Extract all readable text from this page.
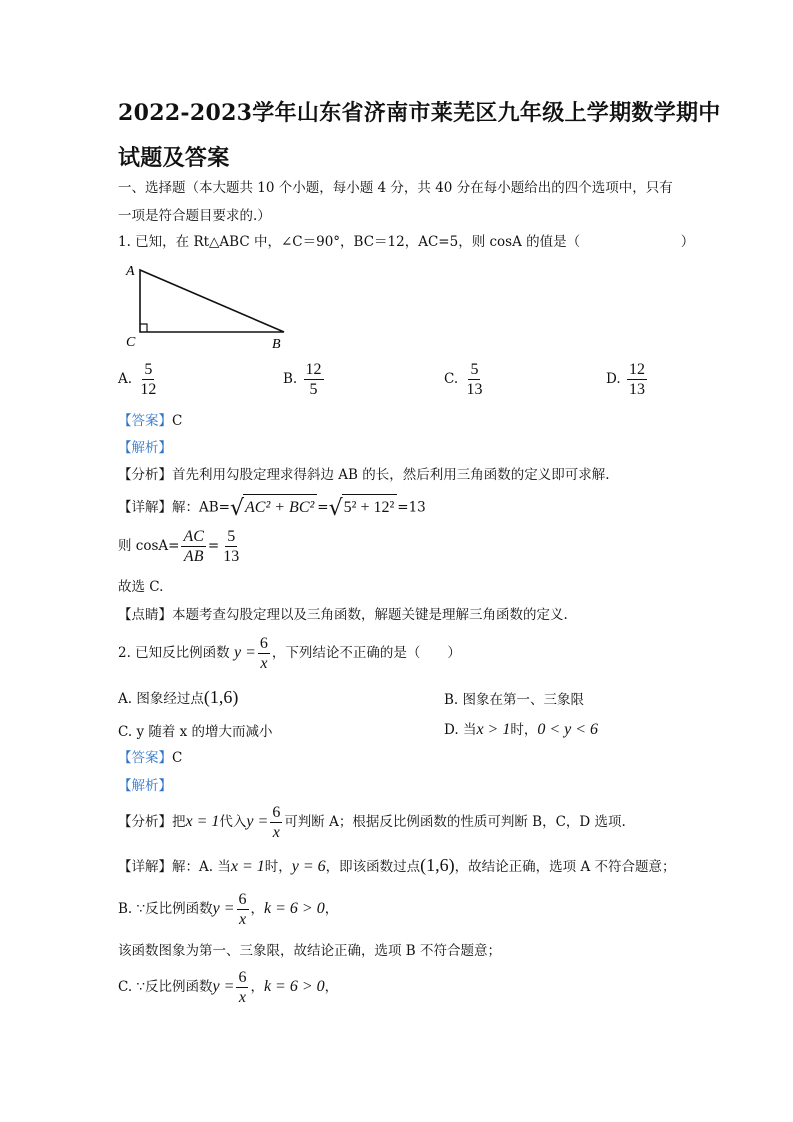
2022-2023学年山东省济南市莱芜区九年级上学期数学期中
试题及答案
一、选择题（本大题共 10 个小题，每小题 4 分，共 40 分在每小题给出的四个选项中，只有
一项是符合题目要求的.）
1. 已知，在 Rt△ABC 中，∠C＝90°，BC＝12，AC=5，则 cosA 的值是（	）
A
C	B
A. $\frac{5}{12}$	B. $\frac{12}{5}$	C. $\frac{5}{13}$	D. $\frac{12}{13}$
【答案】C
【解析】
【分析】首先利用勾股定理求得斜边 AB 的长，然后利用三角函数的定义即可求解.
【详解】解：AB=√AC² + BC² =√5² + 12² =13
则 $\cos A= \frac{AC}{AB} = \frac{5}{13}$
故选 C.
【点睛】本题考查勾股定理以及三角函数，解题关键是理解三角函数的定义.
2. 已知反比例函数 $y = \frac{6}{x}$ ，下列结论不正确的是（　　）
A. 图象经过点(1,6)	B. 图象在第一、三象限
C. y 随着 x 的增大而减小	D. 当x > 1时，0 < y < 6
【答案】C
【解析】
【分析】把x = 1代入$y = \frac{6}{x}$ 可判断 A；根据反比例函数的性质可判断 B，C，D 选项.
【详解】解：A. 当x = 1时，y = 6，即该函数过点(1,6)，故结论正确，选项 A 不符合题意；
B. ∵反比例函数$y = \frac{6}{x}$ ，k = 6 > 0，
该函数图象为第一、三象限，故结论正确，选项 B 不符合题意；
C. ∵反比例函数$y = \frac{6}{x}$ ，k = 6 > 0，
